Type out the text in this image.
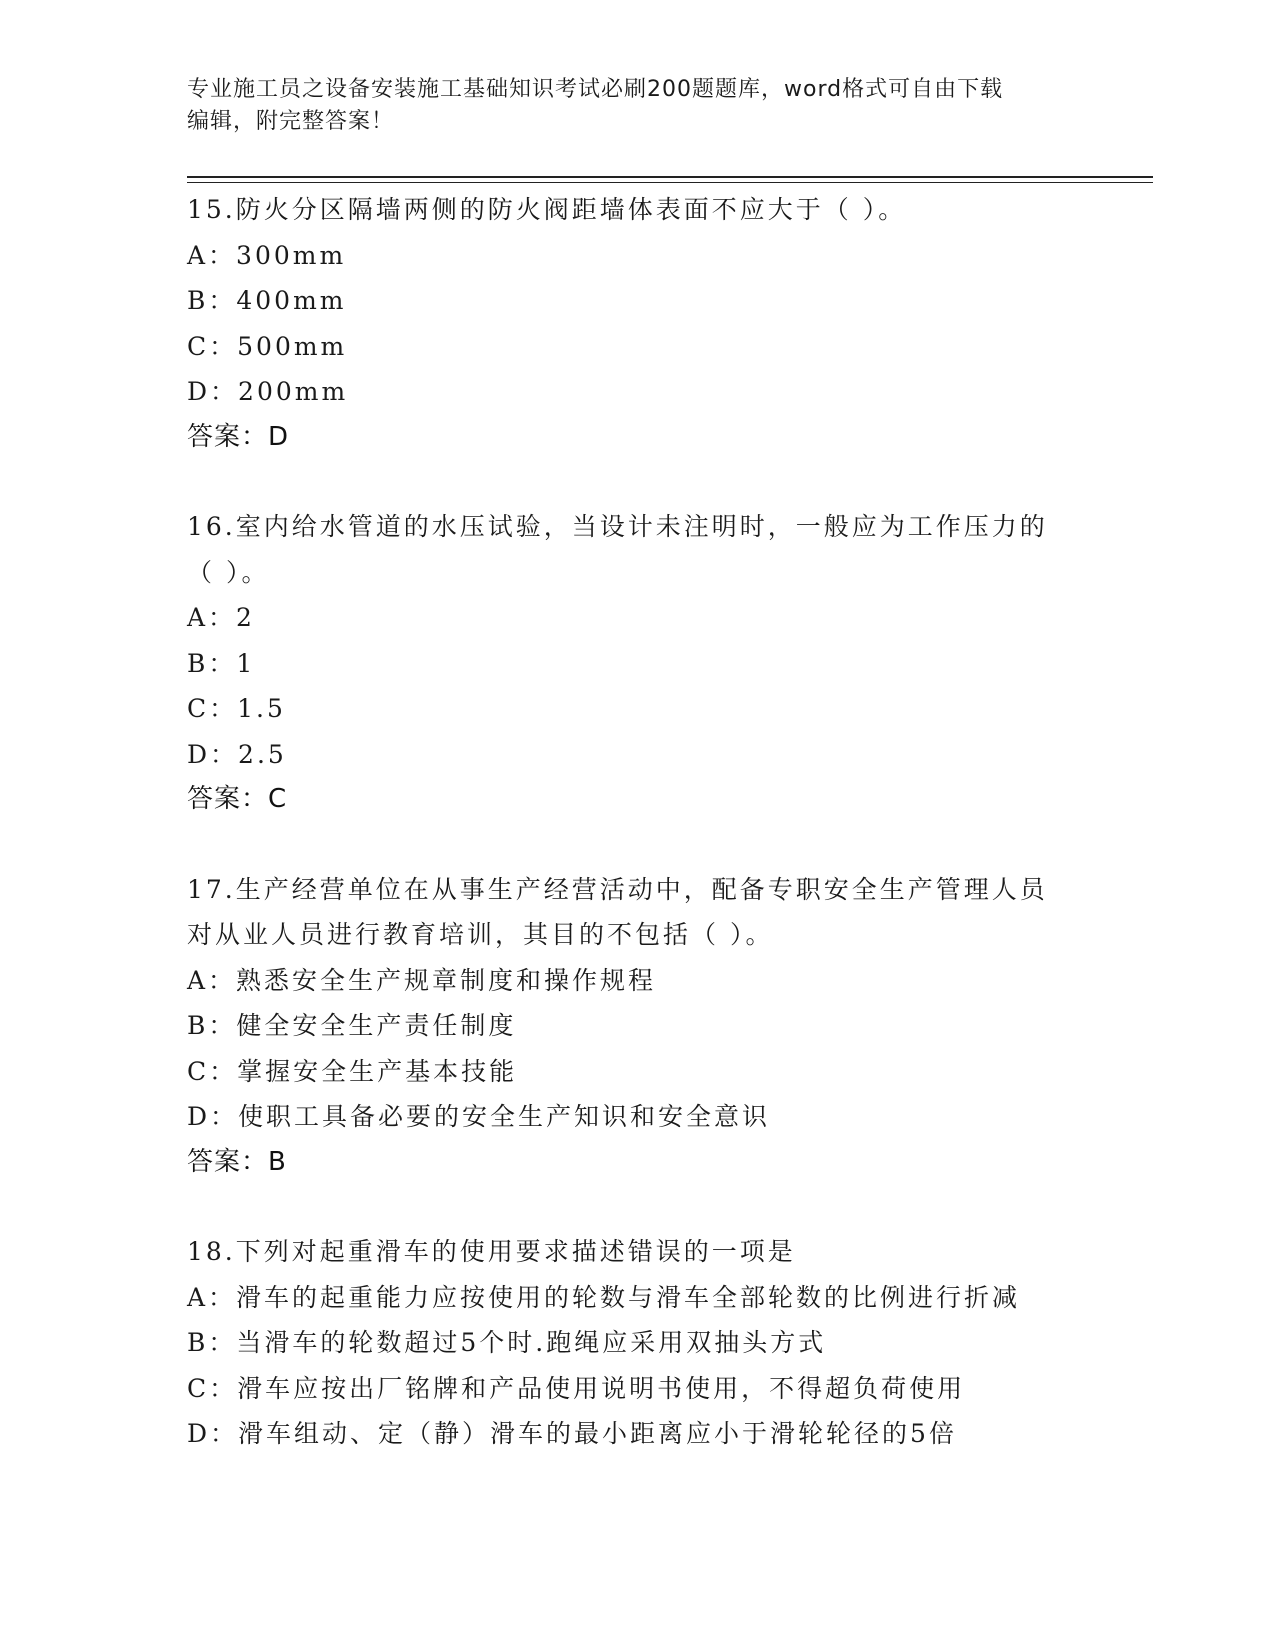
专业施工员之设备安装施工基础知识考试必刷200题题库，word格式可自由下载
编辑，附完整答案！
15.防火分区隔墙两侧的防火阀距墙体表面不应大于（ ）。
A：300mm
B：400mm
C：500mm
D：200mm
答案：D
16.室内给水管道的水压试验，当设计未注明时，一般应为工作压力的
（ ）。
A：2
B：1
C：1.5
D：2.5
答案：C
17.生产经营单位在从事生产经营活动中，配备专职安全生产管理人员
对从业人员进行教育培训，其目的不包括（ ）。
A：熟悉安全生产规章制度和操作规程
B：健全安全生产责任制度
C：掌握安全生产基本技能
D：使职工具备必要的安全生产知识和安全意识
答案：B
18.下列对起重滑车的使用要求描述错误的一项是
A：滑车的起重能力应按使用的轮数与滑车全部轮数的比例进行折减
B：当滑车的轮数超过5个时.跑绳应采用双抽头方式
C：滑车应按出厂铭牌和产品使用说明书使用，不得超负荷使用
D：滑车组动、定（静）滑车的最小距离应小于滑轮轮径的5倍
